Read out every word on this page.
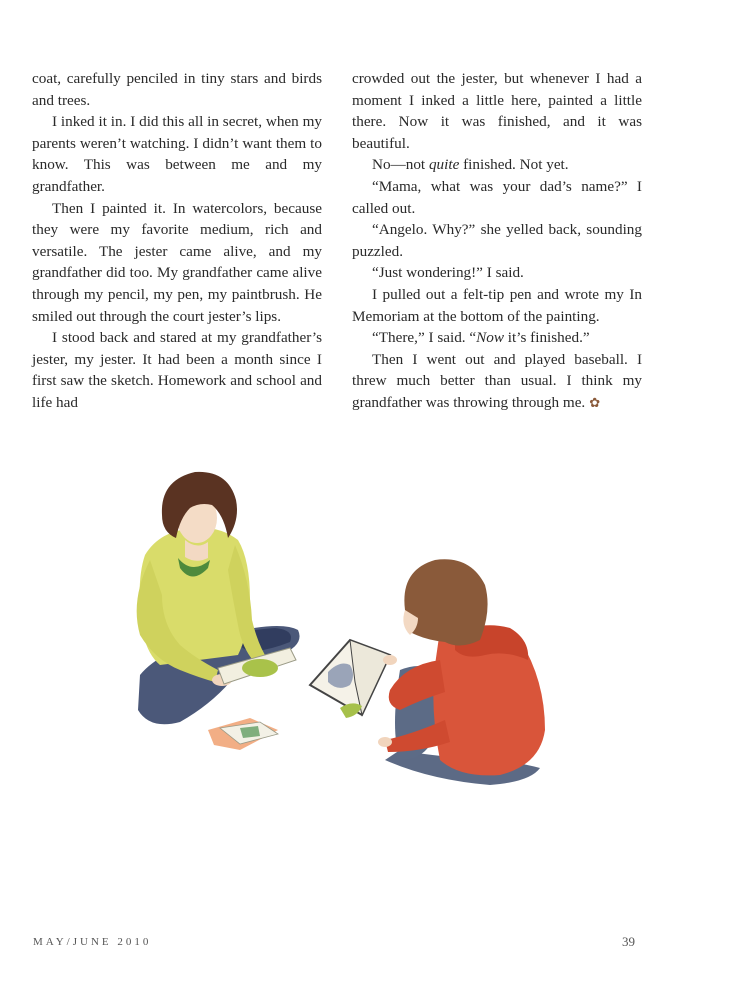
coat, carefully penciled in tiny stars and birds and trees.

I inked it in. I did this all in secret, when my parents weren’t watching. I didn’t want them to know. This was between me and my grandfather.

Then I painted it. In watercolors, because they were my favorite medium, rich and versatile. The jester came alive, and my grandfather did too. My grandfather came alive through my pencil, my pen, my paintbrush. He smiled out through the court jester’s lips.

I stood back and stared at my grandfather’s jester, my jester. It had been a month since I first saw the sketch. Homework and school and life had

crowded out the jester, but whenever I had a moment I inked a little here, painted a little there. Now it was finished, and it was beautiful.

No—not quite finished. Not yet.

“Mama, what was your dad’s name?” I called out.

“Angelo. Why?” she yelled back, sounding puzzled.

“Just wondering!” I said.

I pulled out a felt-tip pen and wrote my In Memoriam at the bottom of the painting.

“There,” I said. “Now it’s finished.”

Then I went out and played baseball. I threw much better than usual. I think my grandfather was throwing through me. ✿

MAY/JUNE 2010	39
